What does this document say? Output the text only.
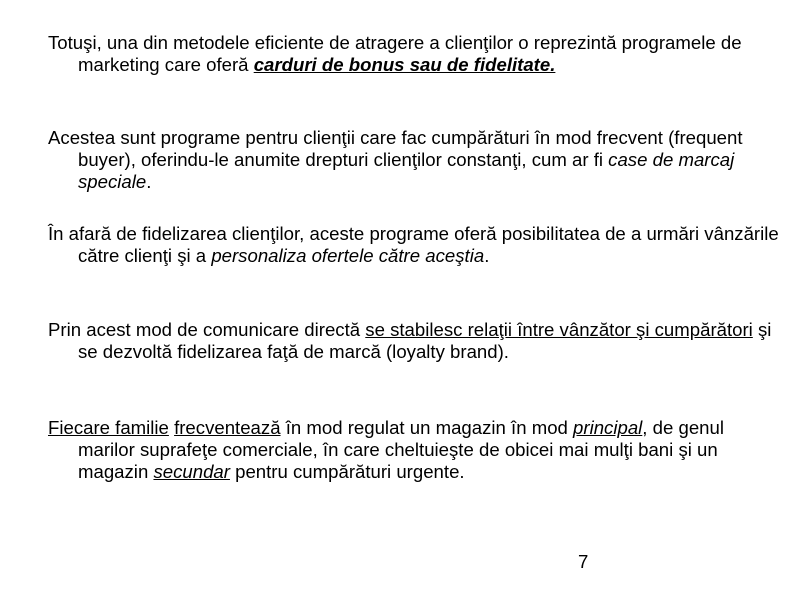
Totuşi, una din metodele eficiente de atragere a clienţilor o reprezintă programele de marketing care oferă carduri de bonus sau de fidelitate.

Acestea sunt programe pentru clienţii care fac cumpărături în mod frecvent (frequent buyer), oferindu-le anumite drepturi clienţilor constanţi, cum ar fi case de marcaj speciale.

În afară de fidelizarea clienţilor, aceste programe oferă posibilitatea de a urmări vânzările către clienţi şi a personaliza ofertele către aceştia.

Prin acest mod de comunicare directă se stabilesc relaţii între vânzător şi cumpărători şi se dezvoltă fidelizarea faţă de marcă (loyalty brand).

Fiecare familie frecventează în mod regulat un magazin în mod principal, de genul marilor suprafeţe comerciale, în care cheltuieşte de obicei mai mulţi bani şi un magazin secundar pentru cumpărături urgente.

7
